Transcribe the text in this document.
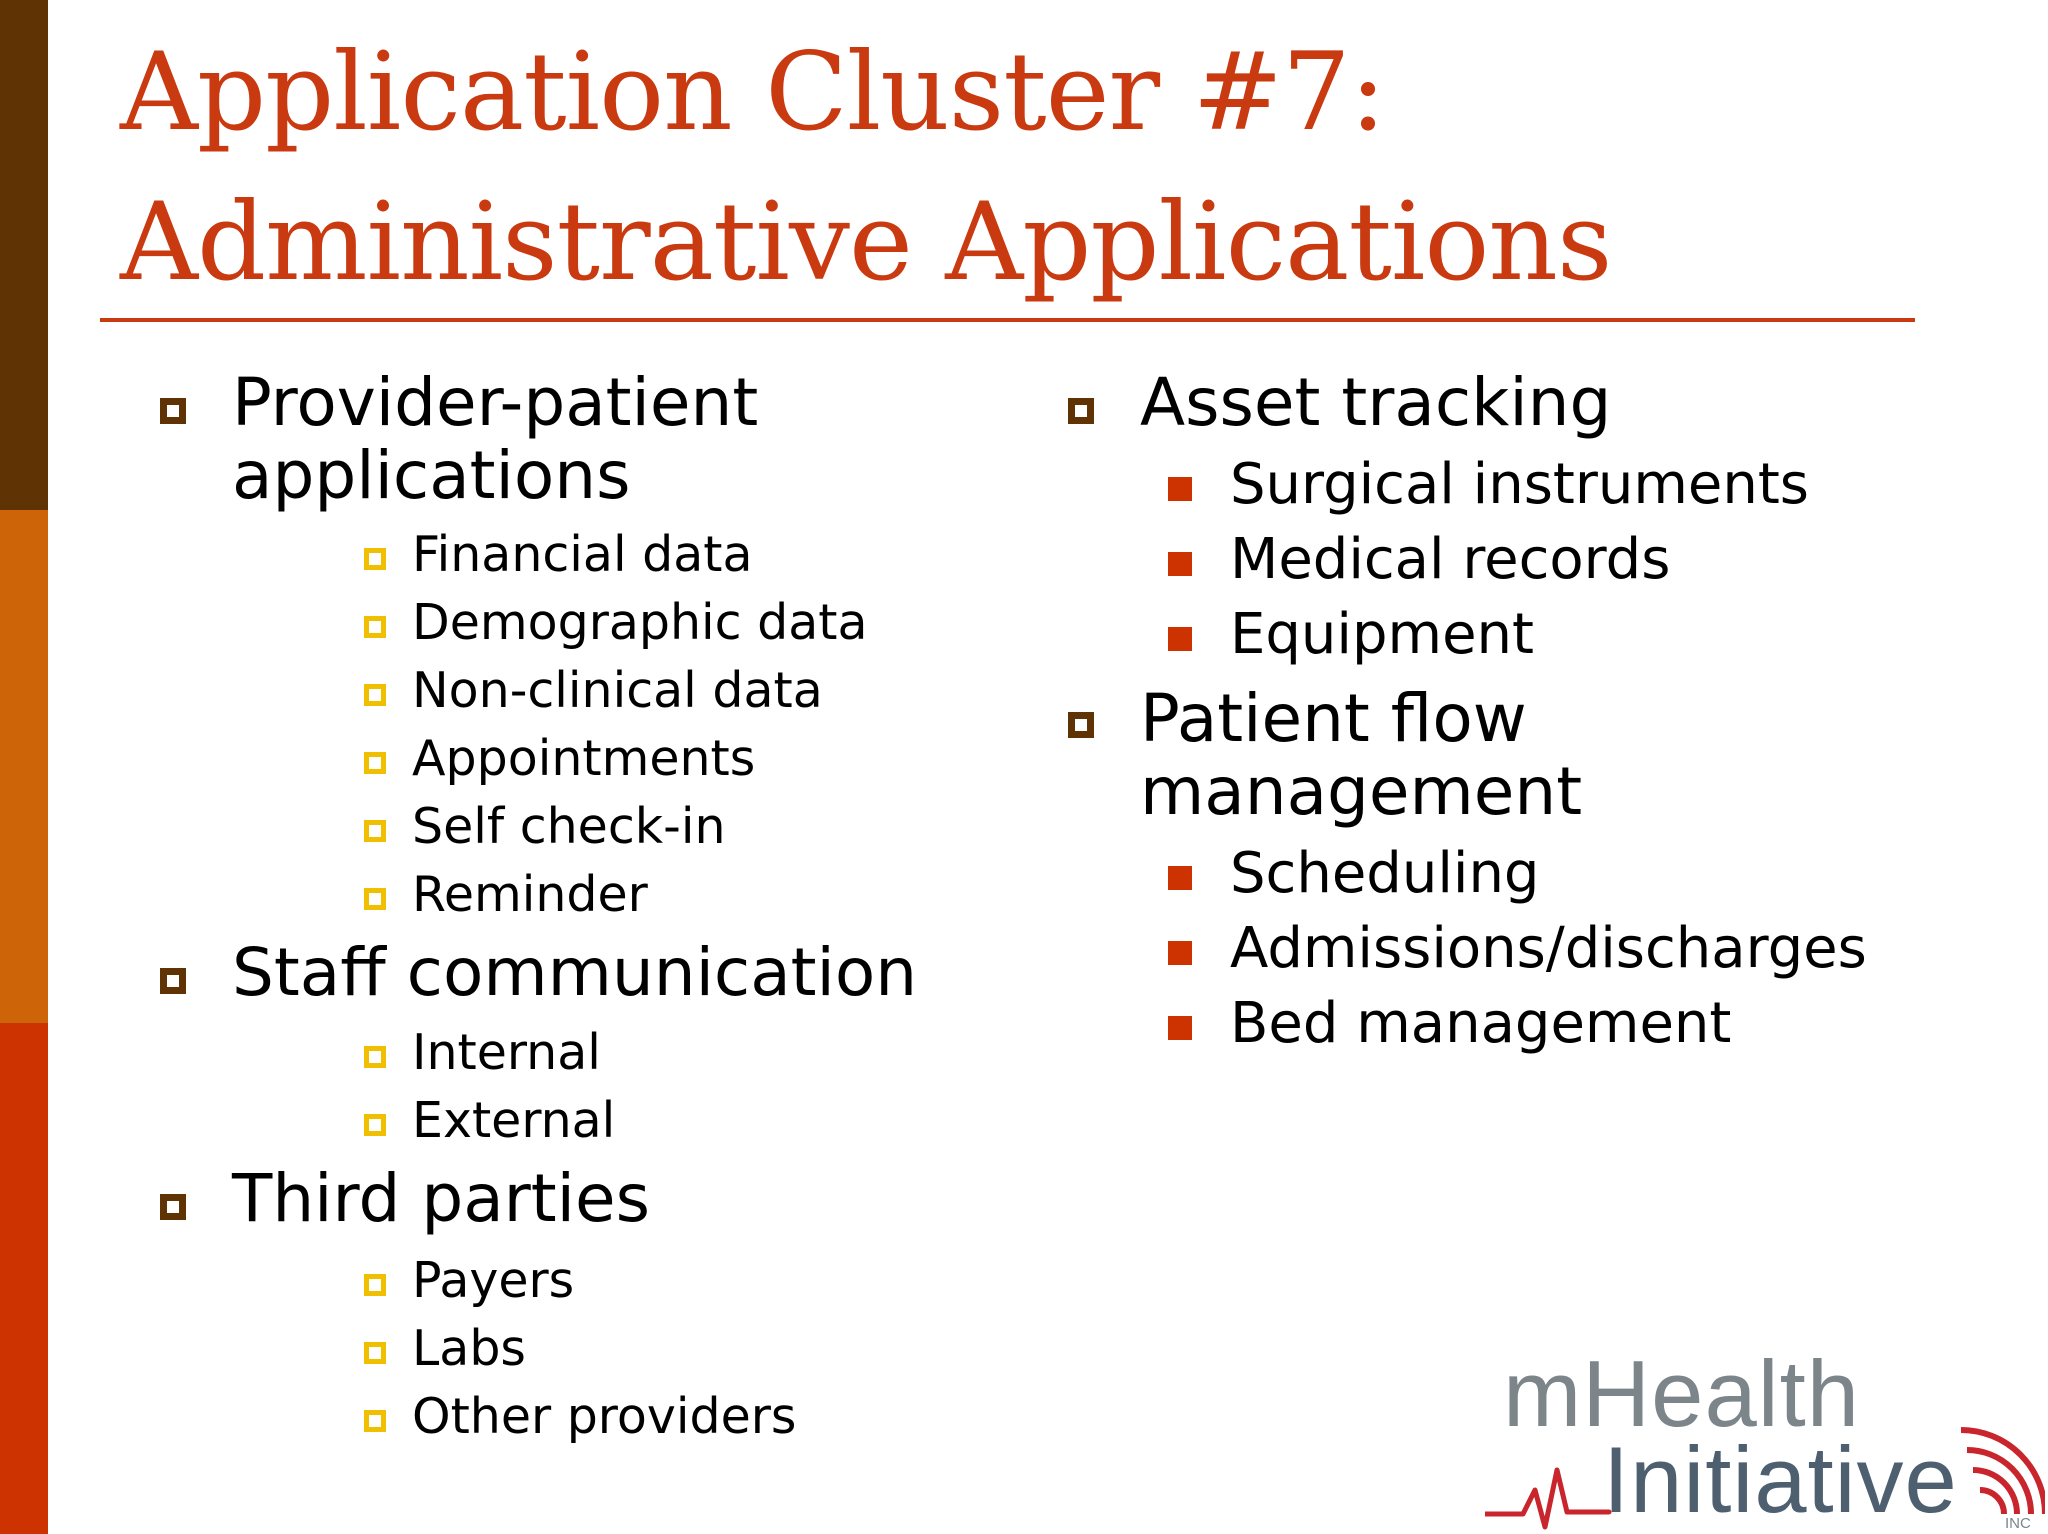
Application Cluster #7:
Administrative Applications
Provider-patient
applications
Financial data
Demographic data
Non-clinical data
Appointments
Self check-in
Reminder
Staff communication
Internal
External
Third parties
Payers
Labs
Other providers
Asset tracking
Surgical instruments
Medical records
Equipment
Patient flow
management
Scheduling
Admissions/discharges
Bed management
mHealth
Initiative	INC
